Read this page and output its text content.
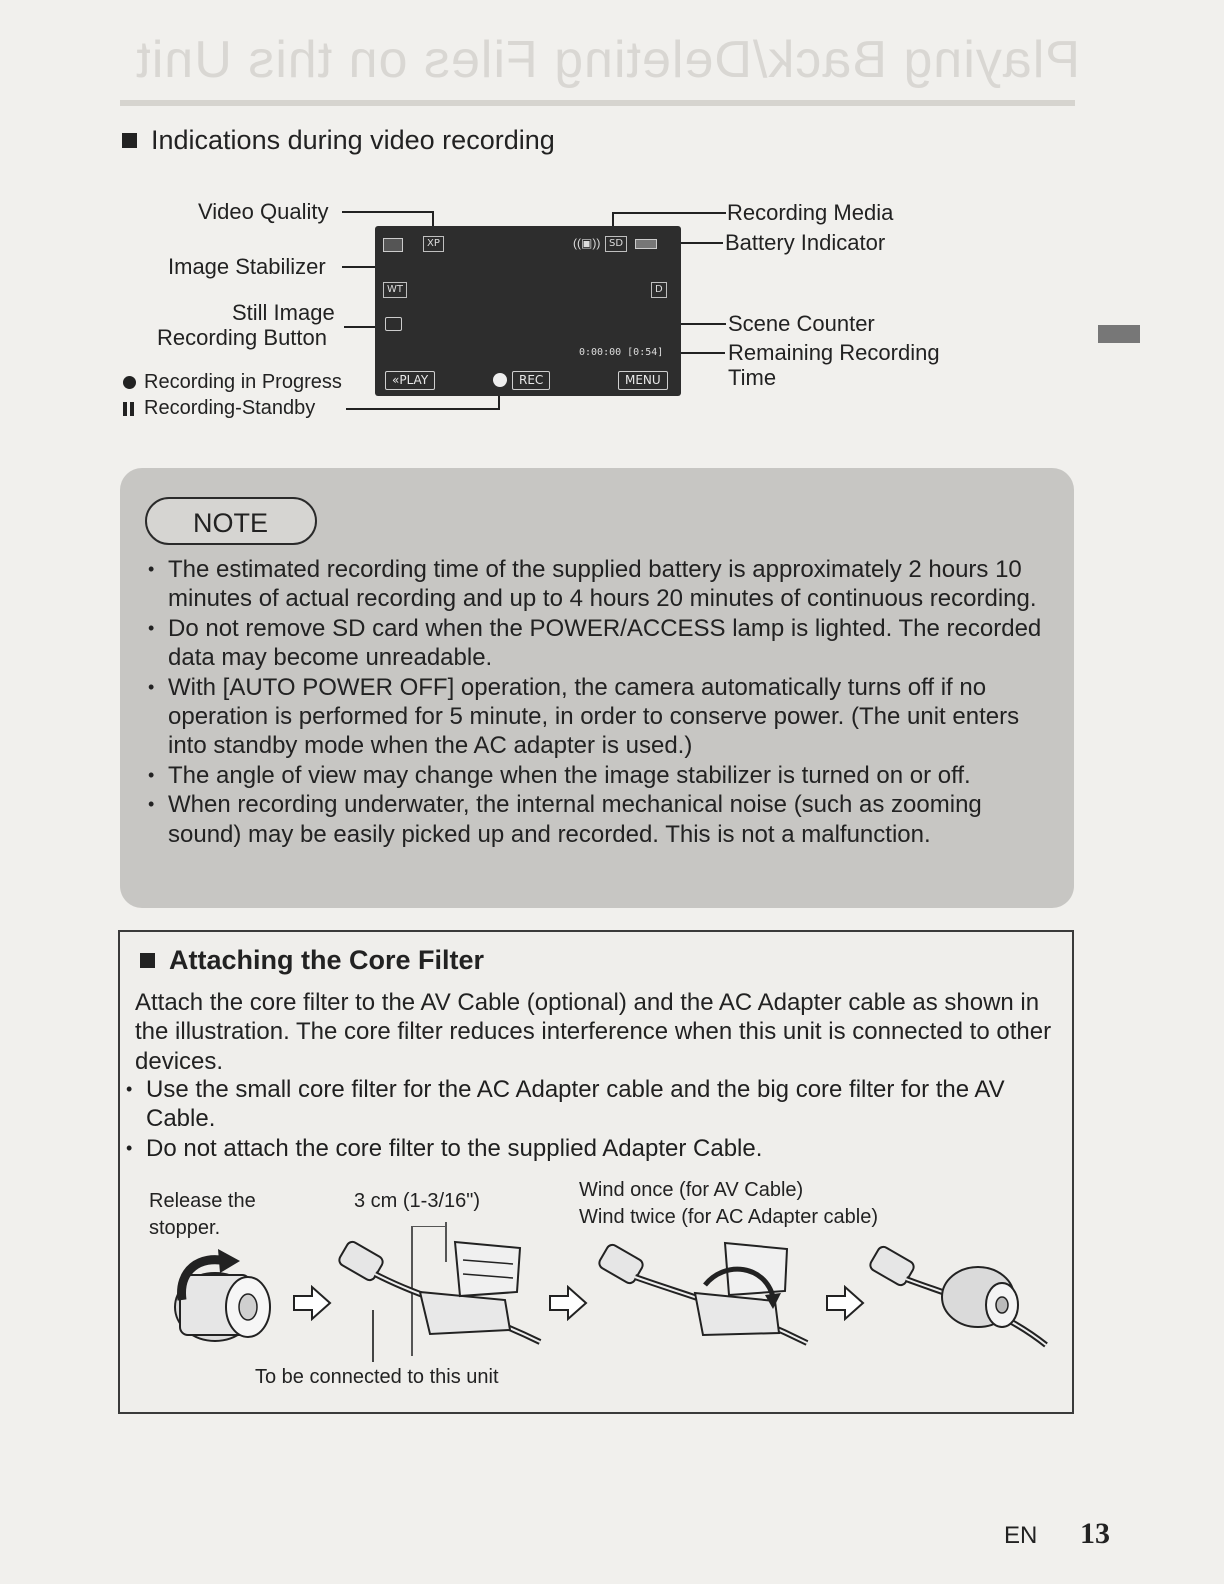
Playing Back/Deleting Files on this Unit
Indications during video recording
Video Quality
Image Stabilizer
Still Image
Recording Button
Recording in Progress
Recording-Standby
Recording Media
Battery Indicator
Scene Counter
Remaining Recording
Time
XP	((▣)) SD
WT	D
0:00:00 [0:54]
«PLAY	REC	MENU
NOTE
• The estimated recording time of the supplied battery is approximately 2 hours 10 minutes of actual recording and up to 4 hours 20 minutes of continuous recording.
• Do not remove SD card when the POWER/ACCESS lamp is lighted. The recorded data may become unreadable.
• With [AUTO POWER OFF] operation, the camera automatically turns off if no operation is performed for 5 minute, in order to conserve power. (The unit enters into standby mode when the AC adapter is used.)
• The angle of view may change when the image stabilizer is turned on or off.
• When recording underwater, the internal mechanical noise (such as zooming sound) may be easily picked up and recorded. This is not a malfunction.
Attaching the Core Filter
Attach the core filter to the AV Cable (optional) and the AC Adapter cable as shown in the illustration. The core filter reduces interference when this unit is connected to other devices.
• Use the small core filter for the AC Adapter cable and the big core filter for the AV Cable.
• Do not attach the core filter to the supplied Adapter Cable.
Release the
stopper.
3 cm (1-3/16")	Wind once (for AV Cable)
Wind twice (for AC Adapter cable)
To be connected to this unit
EN 13
